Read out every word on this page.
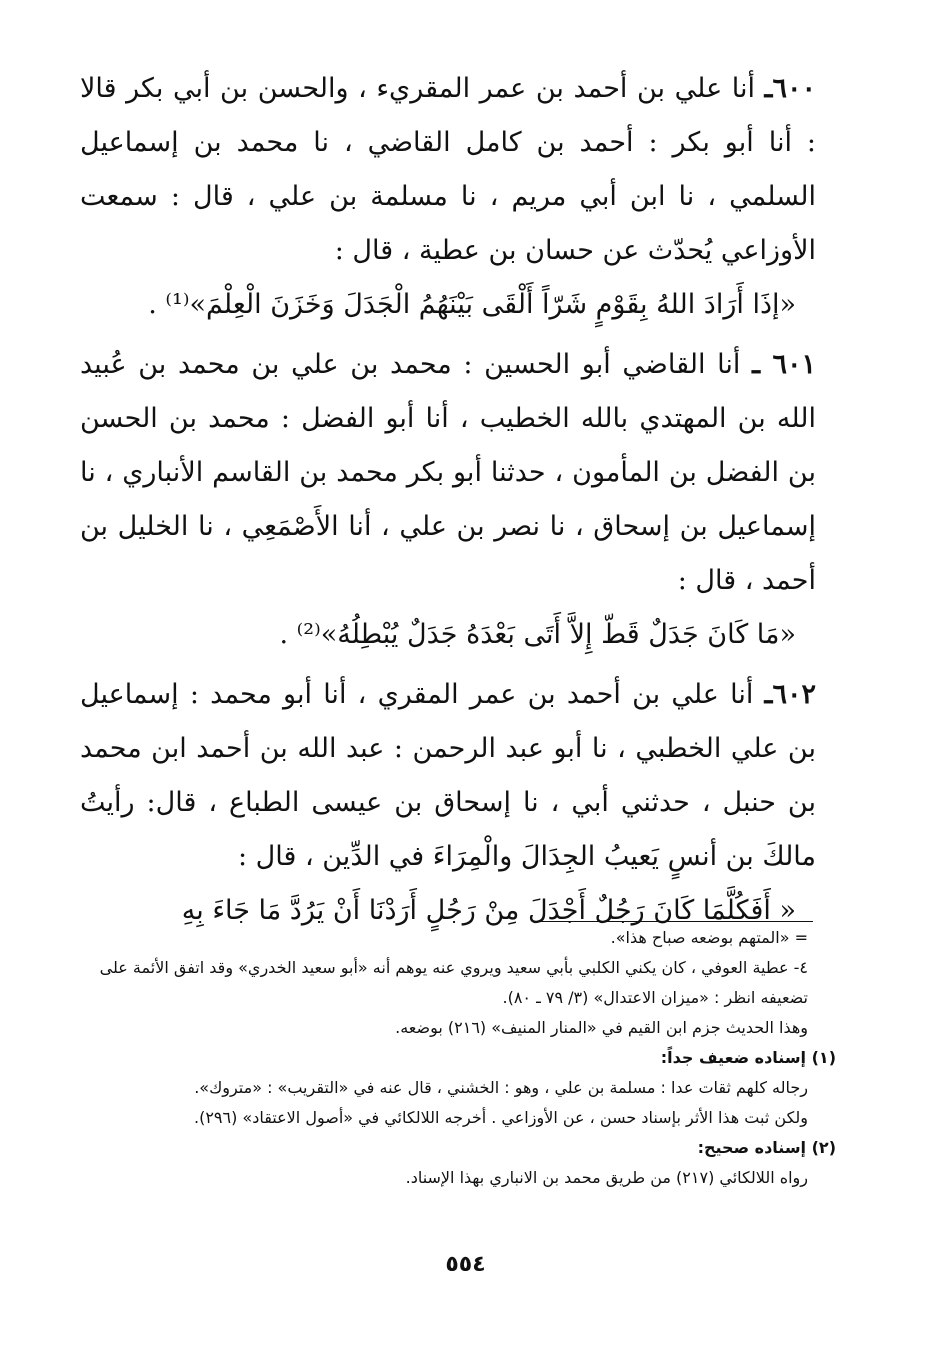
٦٠٠ـ أنا علي بن أحمد بن عمر المقريء ، والحسن بن أبي بكر قالا : أنا أبو بكر : أحمد بن كامل القاضي ، نا محمد بن إسماعيل السلمي ، نا ابن أبي مريم ، نا مسلمة بن علي ، قال : سمعت الأوزاعي يُحدّث عن حسان بن عطية ، قال :

«إذَا أَرَادَ اللهُ بِقَوْمٍ شَرّاً أَلْقَى بَيْنَهُمُ الْجَدَلَ وَخَزَنَ الْعِلْمَ»⁽¹⁾ .

٦٠١ ـ أنا القاضي أبو الحسين : محمد بن علي بن محمد بن عُبيد الله بن المهتدي بالله الخطيب ، أنا أبو الفضل : محمد بن الحسن بن الفضل بن المأمون ، حدثنا أبو بكر محمد بن القاسم الأنباري ، نا إسماعيل بن إسحاق ، نا نصر بن علي ، أنا الأَصْمَعِي ، نا الخليل بن أحمد ، قال :

«مَا كَانَ جَدَلٌ قَطّ إِلاَّ أَتَى بَعْدَهُ جَدَلٌ يُبْطِلُهُ»⁽²⁾ .

٦٠٢ـ أنا علي بن أحمد بن عمر المقري ، أنا أبو محمد : إسماعيل بن علي الخطبي ، نا أبو عبد الرحمن : عبد الله بن أحمد ابن محمد بن حنبل ، حدثني أبي ، نا إسحاق بن عيسى الطباع ، قال: رأيتُ مالكَ بن أنسٍ يَعيبُ الجِدَالَ والْمِرَاءَ في الدِّين ، قال :

« أَفَكُلَّمَا كَانَ رَجُلٌ أَجْدَلَ مِنْ رَجُلٍ أَرَدْنَا أَنْ يَرُدَّ مَا جَاءَ بِهِ

= «المتهم بوضعه صباح هذا».

٤- عطية العوفي ، كان يكني الكلبي بأبي سعيد ويروي عنه يوهم أنه «أبو سعيد الخدري» وقد اتفق الأئمة على تضعيفه انظر : «ميزان الاعتدال» (٣/ ٧٩ ـ ٨٠).

وهذا الحديث جزم ابن القيم في «المنار المنيف» (٢١٦) بوضعه.

(١) إسناده ضعيف جداً:

رجاله كلهم ثقات عدا : مسلمة بن علي ، وهو : الخشني ، قال عنه في «التقريب» : «متروك».

ولكن ثبت هذا الأثر بإسناد حسن ، عن الأوزاعي . أخرجه اللالكائي في «أصول الاعتقاد» (٢٩٦).

(٢) إسناده صحيح:

رواه اللالكائي (٢١٧) من طريق محمد بن الانباري بهذا الإسناد.

٥٥٤
